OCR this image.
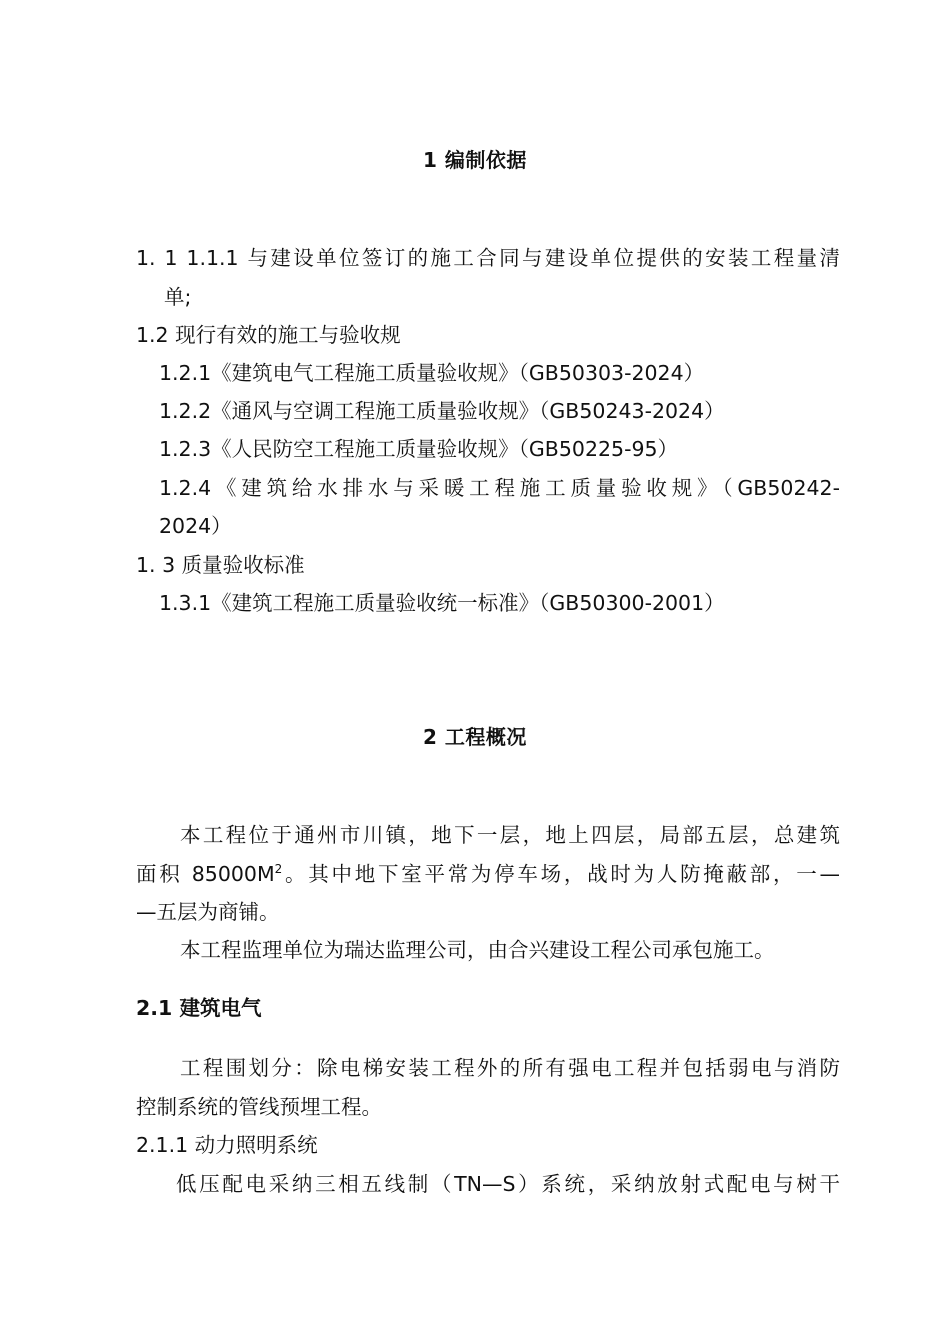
1 编制依据
1. 1 1.1.1 与建设单位签订的施工合同与建设单位提供的安装工程量清
单;
1.2 现行有效的施工与验收规
1.2.1《建筑电气工程施工质量验收规》（GB50303-2024）
1.2.2《通风与空调工程施工质量验收规》（GB50243-2024）
1.2.3《人民防空工程施工质量验收规》（GB50225-95）
1.2.4《建筑给水排水与采暖工程施工质量验收规》（GB50242-
2024）
1. 3 质量验收标准
1.3.1《建筑工程施工质量验收统一标准》（GB50300-2001）
2 工程概况
本工程位于通州市川镇，地下一层，地上四层，局部五层，总建筑
面积 $85000M^2$。其中地下室平常为停车场，战时为人防掩蔽部，一—
—五层为商铺。
本工程监理单位为瑞达监理公司，由合兴建设工程公司承包施工。
2.1 建筑电气
工程围划分：除电梯安装工程外的所有强电工程并包括弱电与消防
控制系统的管线预埋工程。
2.1.1 动力照明系统
低压配电采纳三相五线制（TN—S）系统，采纳放射式配电与树干
